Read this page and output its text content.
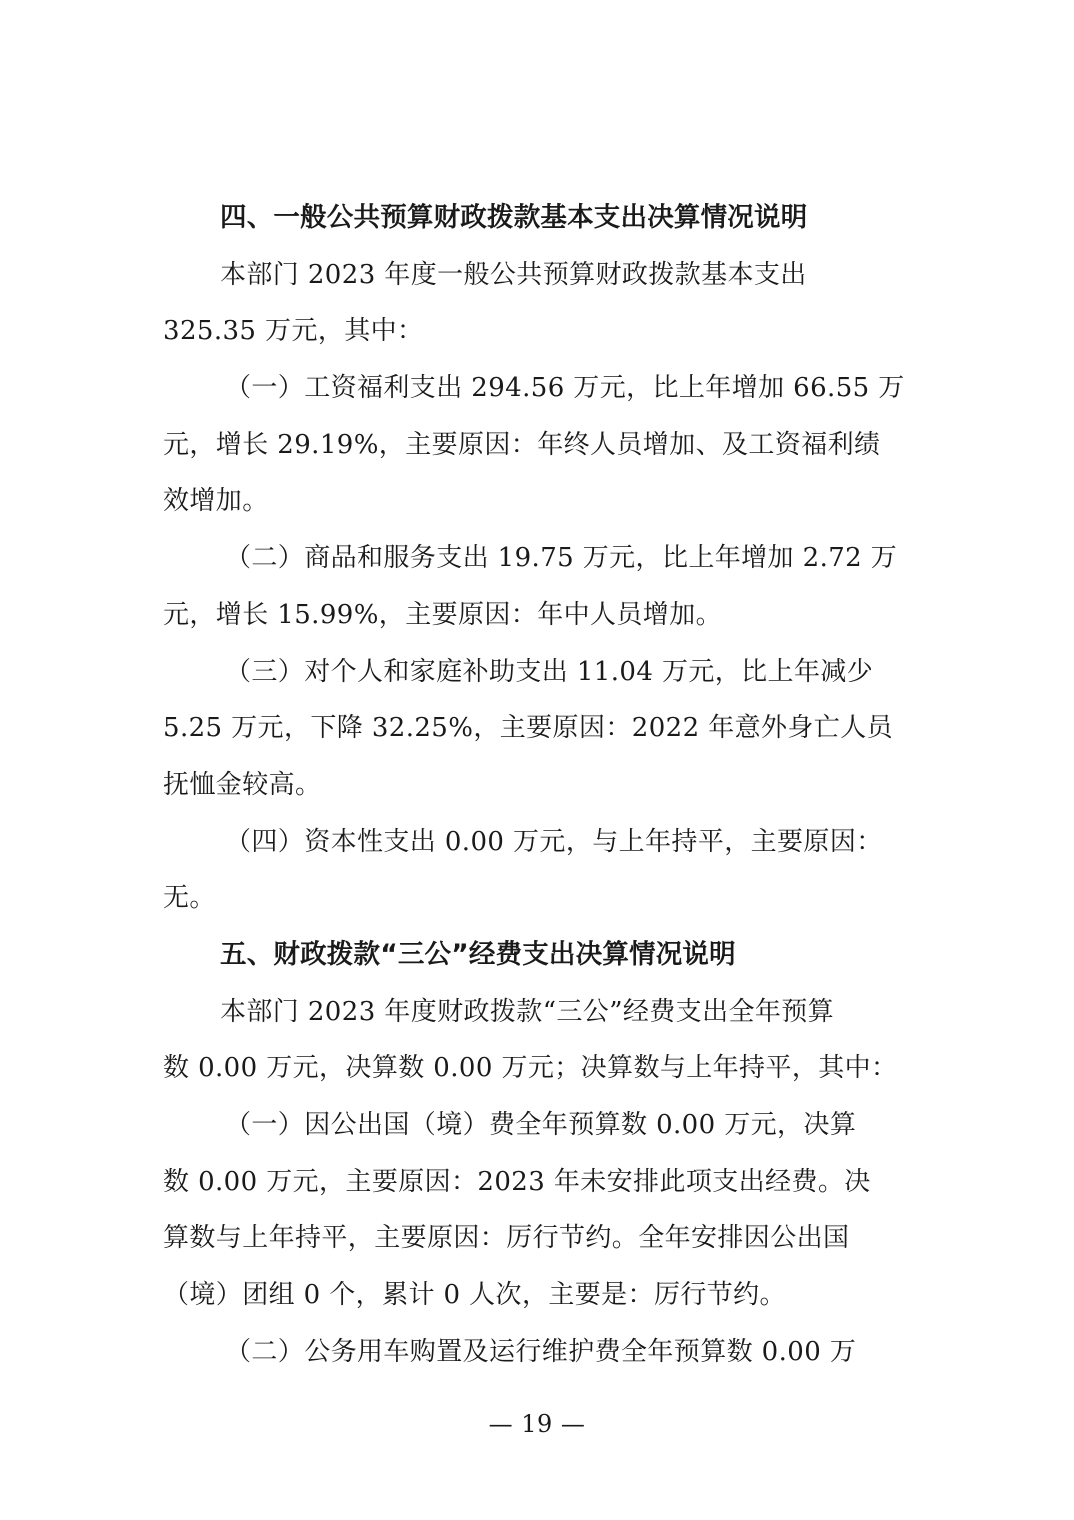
四、一般公共预算财政拨款基本支出决算情况说明
本部门 2023 年度一般公共预算财政拨款基本支出
325.35 万元，其中：
（一）工资福利支出 294.56 万元，比上年增加 66.55 万
元，增长 29.19%，主要原因：年终人员增加、及工资福利绩
效增加。
（二）商品和服务支出 19.75 万元，比上年增加 2.72 万
元，增长 15.99%，主要原因：年中人员增加。
（三）对个人和家庭补助支出 11.04 万元，比上年减少
5.25 万元，下降 32.25%，主要原因：2022 年意外身亡人员
抚恤金较高。
（四）资本性支出 0.00 万元，与上年持平，主要原因：
无。
五、财政拨款“三公”经费支出决算情况说明
本部门 2023 年度财政拨款“三公”经费支出全年预算
数 0.00 万元，决算数 0.00 万元；决算数与上年持平，其中：
（一）因公出国（境）费全年预算数 0.00 万元，决算
数 0.00 万元，主要原因：2023 年未安排此项支出经费。决
算数与上年持平，主要原因：厉行节约。全年安排因公出国
（境）团组 0 个，累计 0 人次，主要是：厉行节约。
（二）公务用车购置及运行维护费全年预算数 0.00 万
— 19 —
